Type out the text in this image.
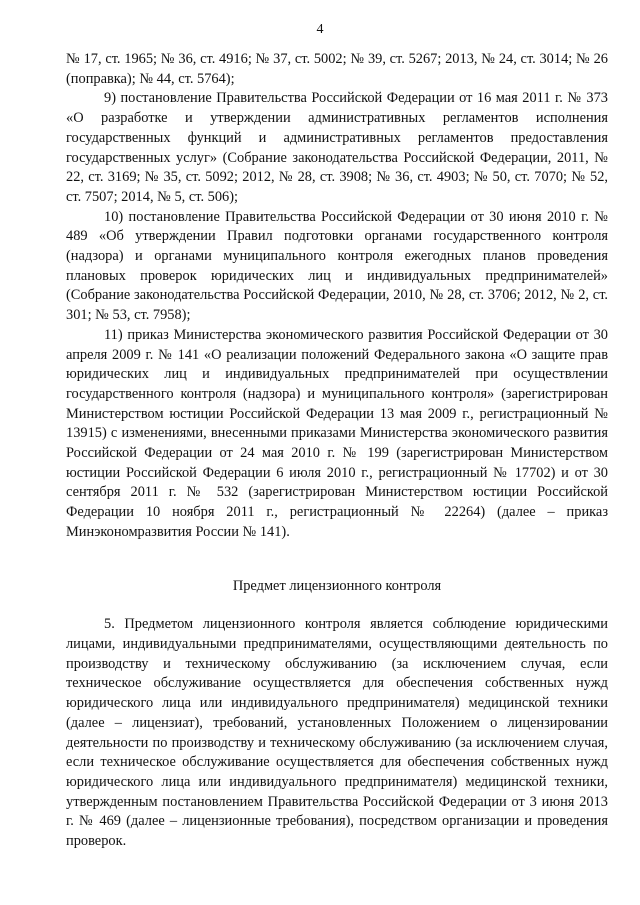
4

№ 17, ст. 1965; № 36, ст. 4916; № 37, ст. 5002; № 39, ст. 5267; 2013, № 24, ст. 3014; № 26 (поправка); № 44, ст. 5764);

9) постановление Правительства Российской Федерации от 16 мая 2011 г. № 373 «О разработке и утверждении административных регламентов исполнения государственных функций и административных регламентов предоставления государственных услуг» (Собрание законодательства Российской Федерации, 2011, № 22, ст. 3169; № 35, ст. 5092; 2012, № 28, ст. 3908; № 36, ст. 4903; № 50, ст. 7070; № 52, ст. 7507; 2014, № 5, ст. 506);

10) постановление Правительства Российской Федерации от 30 июня 2010 г. № 489 «Об утверждении Правил подготовки органами государственного контроля (надзора) и органами муниципального контроля ежегодных планов проведения плановых проверок юридических лиц и индивидуальных предпринимателей» (Собрание законодательства Российской Федерации, 2010, № 28, ст. 3706; 2012, № 2, ст. 301; № 53, ст. 7958);

11) приказ Министерства экономического развития Российской Федерации от 30 апреля 2009 г. № 141 «О реализации положений Федерального закона «О защите прав юридических лиц и индивидуальных предпринимателей при осуществлении государственного контроля (надзора) и муниципального контроля» (зарегистрирован Министерством юстиции Российской Федерации 13 мая 2009 г., регистрационный № 13915) с изменениями, внесенными приказами Министерства экономического развития Российской Федерации от 24 мая 2010 г. № 199 (зарегистрирован Министерством юстиции Российской Федерации 6 июля 2010 г., регистрационный № 17702) и от 30 сентября 2011 г. № 532 (зарегистрирован Министерством юстиции Российской Федерации 10 ноября 2011 г., регистрационный № 22264) (далее – приказ Минэкономразвития России № 141).

Предмет лицензионного контроля

5. Предметом лицензионного контроля является соблюдение юридическими лицами, индивидуальными предпринимателями, осуществляющими деятельность по производству и техническому обслуживанию (за исключением случая, если техническое обслуживание осуществляется для обеспечения собственных нужд юридического лица или индивидуального предпринимателя) медицинской техники (далее – лицензиат), требований, установленных Положением о лицензировании деятельности по производству и техническому обслуживанию (за исключением случая, если техническое обслуживание осуществляется для обеспечения собственных нужд юридического лица или индивидуального предпринимателя) медицинской техники, утвержденным постановлением Правительства Российской Федерации от 3 июня 2013 г. № 469 (далее – лицензионные требования), посредством организации и проведения проверок.
